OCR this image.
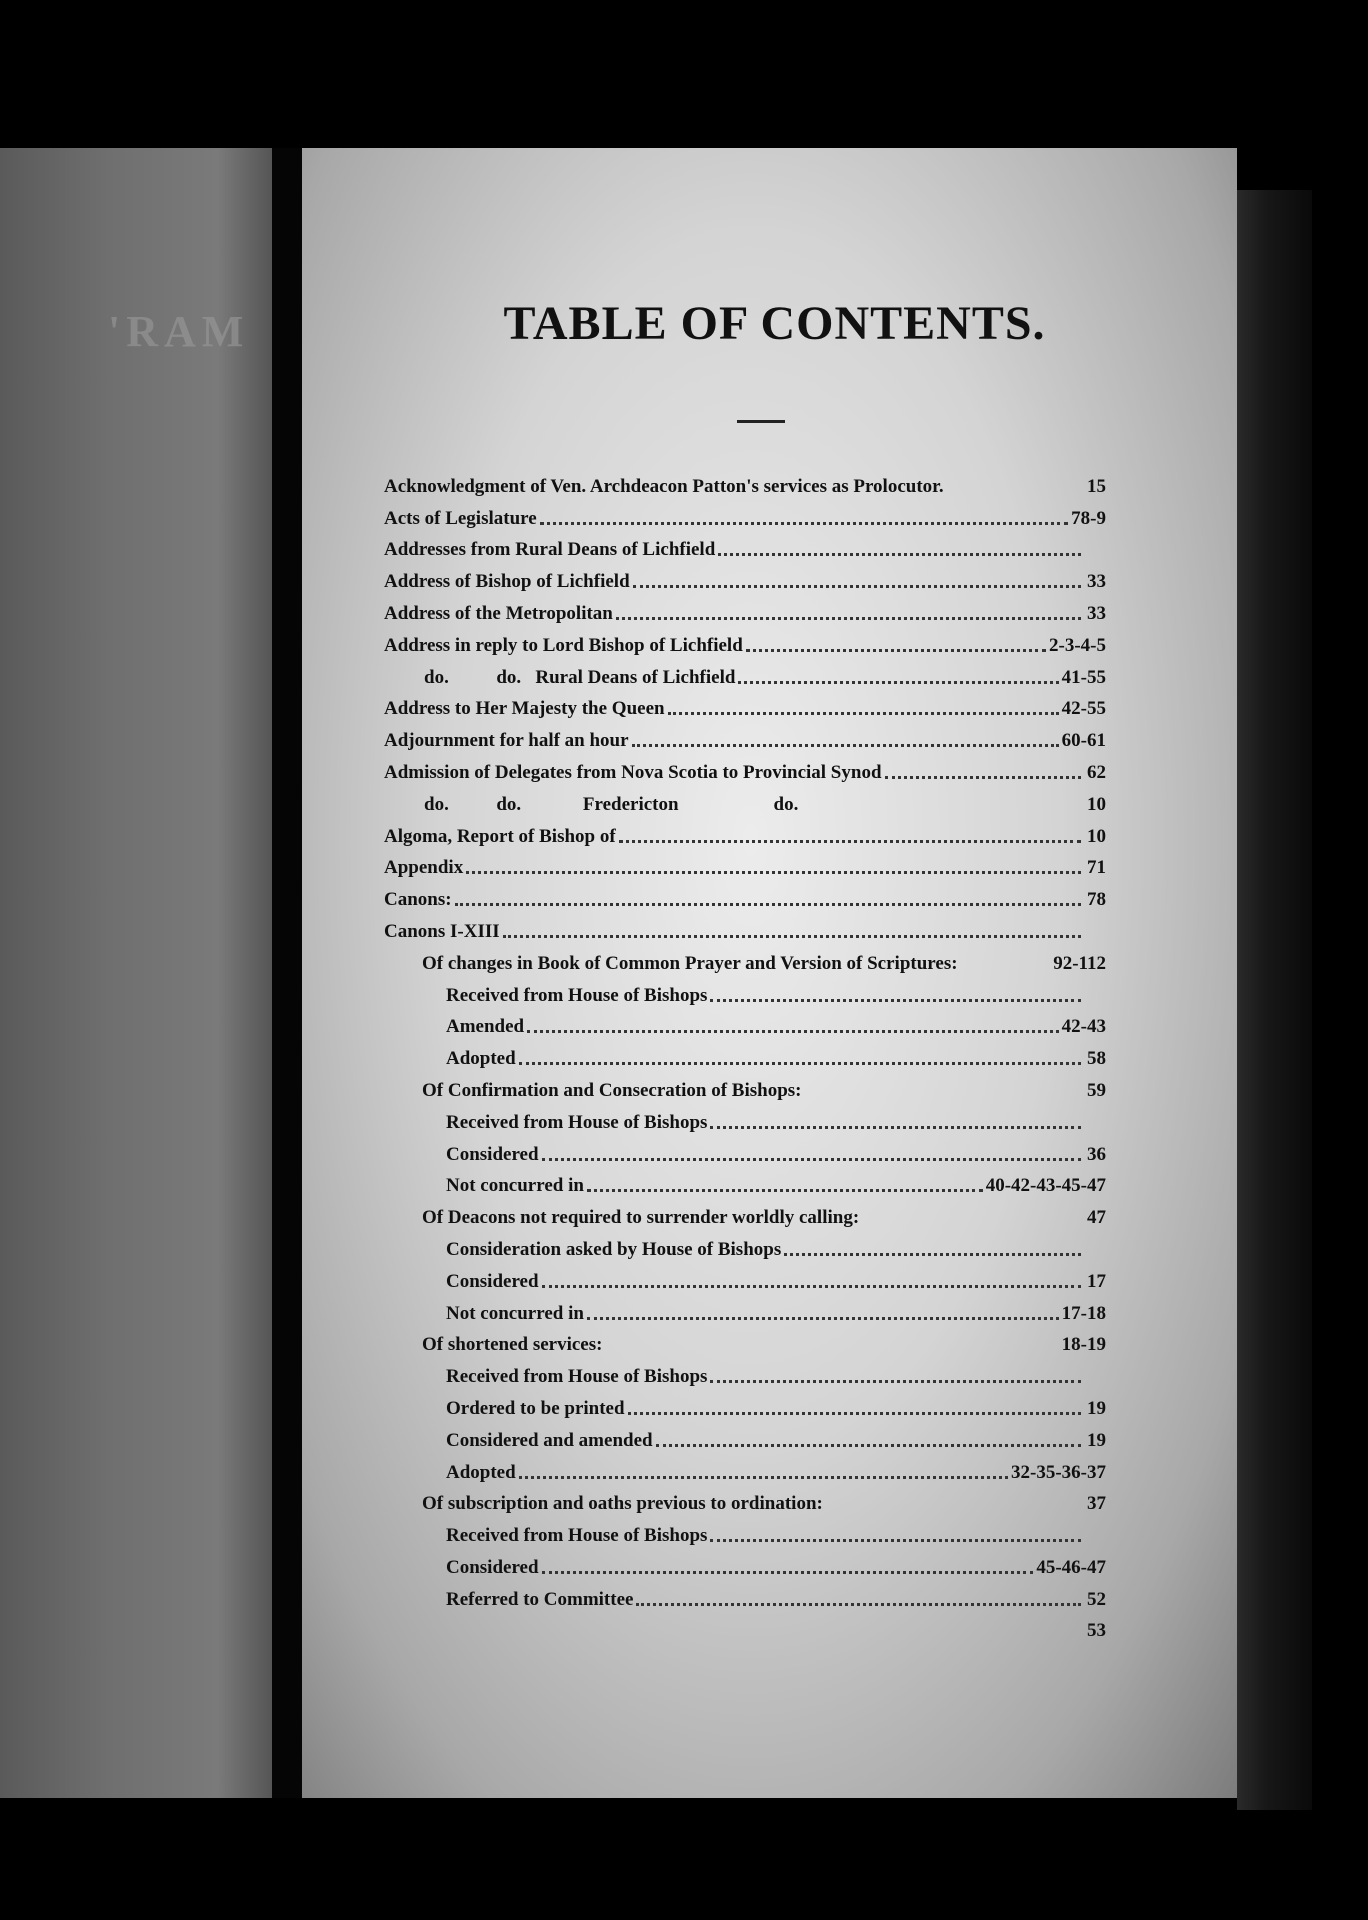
'RAM	TABLE OF CONTENTS.
Acknowledgment of Ven. Archdeacon Patton's services as Prolocutor.	15
Acts of Legislature	78-9
Addresses from Rural Deans of Lichfield
Address of Bishop of Lichfield	33
Address of the Metropolitan	33
Address in reply to Lord Bishop of Lichfield	2-3-4-5
do.          do.   Rural Deans of Lichfield	41-55
Address to Her Majesty the Queen	42-55
Adjournment for half an hour	60-61
Admission of Delegates from Nova Scotia to Provincial Synod	62
do.          do.             Fredericton                    do.	10
Algoma, Report of Bishop of	10
Appendix	71
Canons:	78
Canons I-XIII
Of changes in Book of Common Prayer and Version of Scriptures:	92-112
Received from House of Bishops
Amended	42-43
Adopted	58
Of Confirmation and Consecration of Bishops:	59
Received from House of Bishops
Considered	36
Not concurred in	40-42-43-45-47
Of Deacons not required to surrender worldly calling:	47
Consideration asked by House of Bishops
Considered	17
Not concurred in	17-18
Of shortened services:	18-19
Received from House of Bishops
Ordered to be printed	19
Considered and amended	19
Adopted	32-35-36-37
Of subscription and oaths previous to ordination:	37
Received from House of Bishops
Considered	45-46-47
Referred to Committee	52
53
